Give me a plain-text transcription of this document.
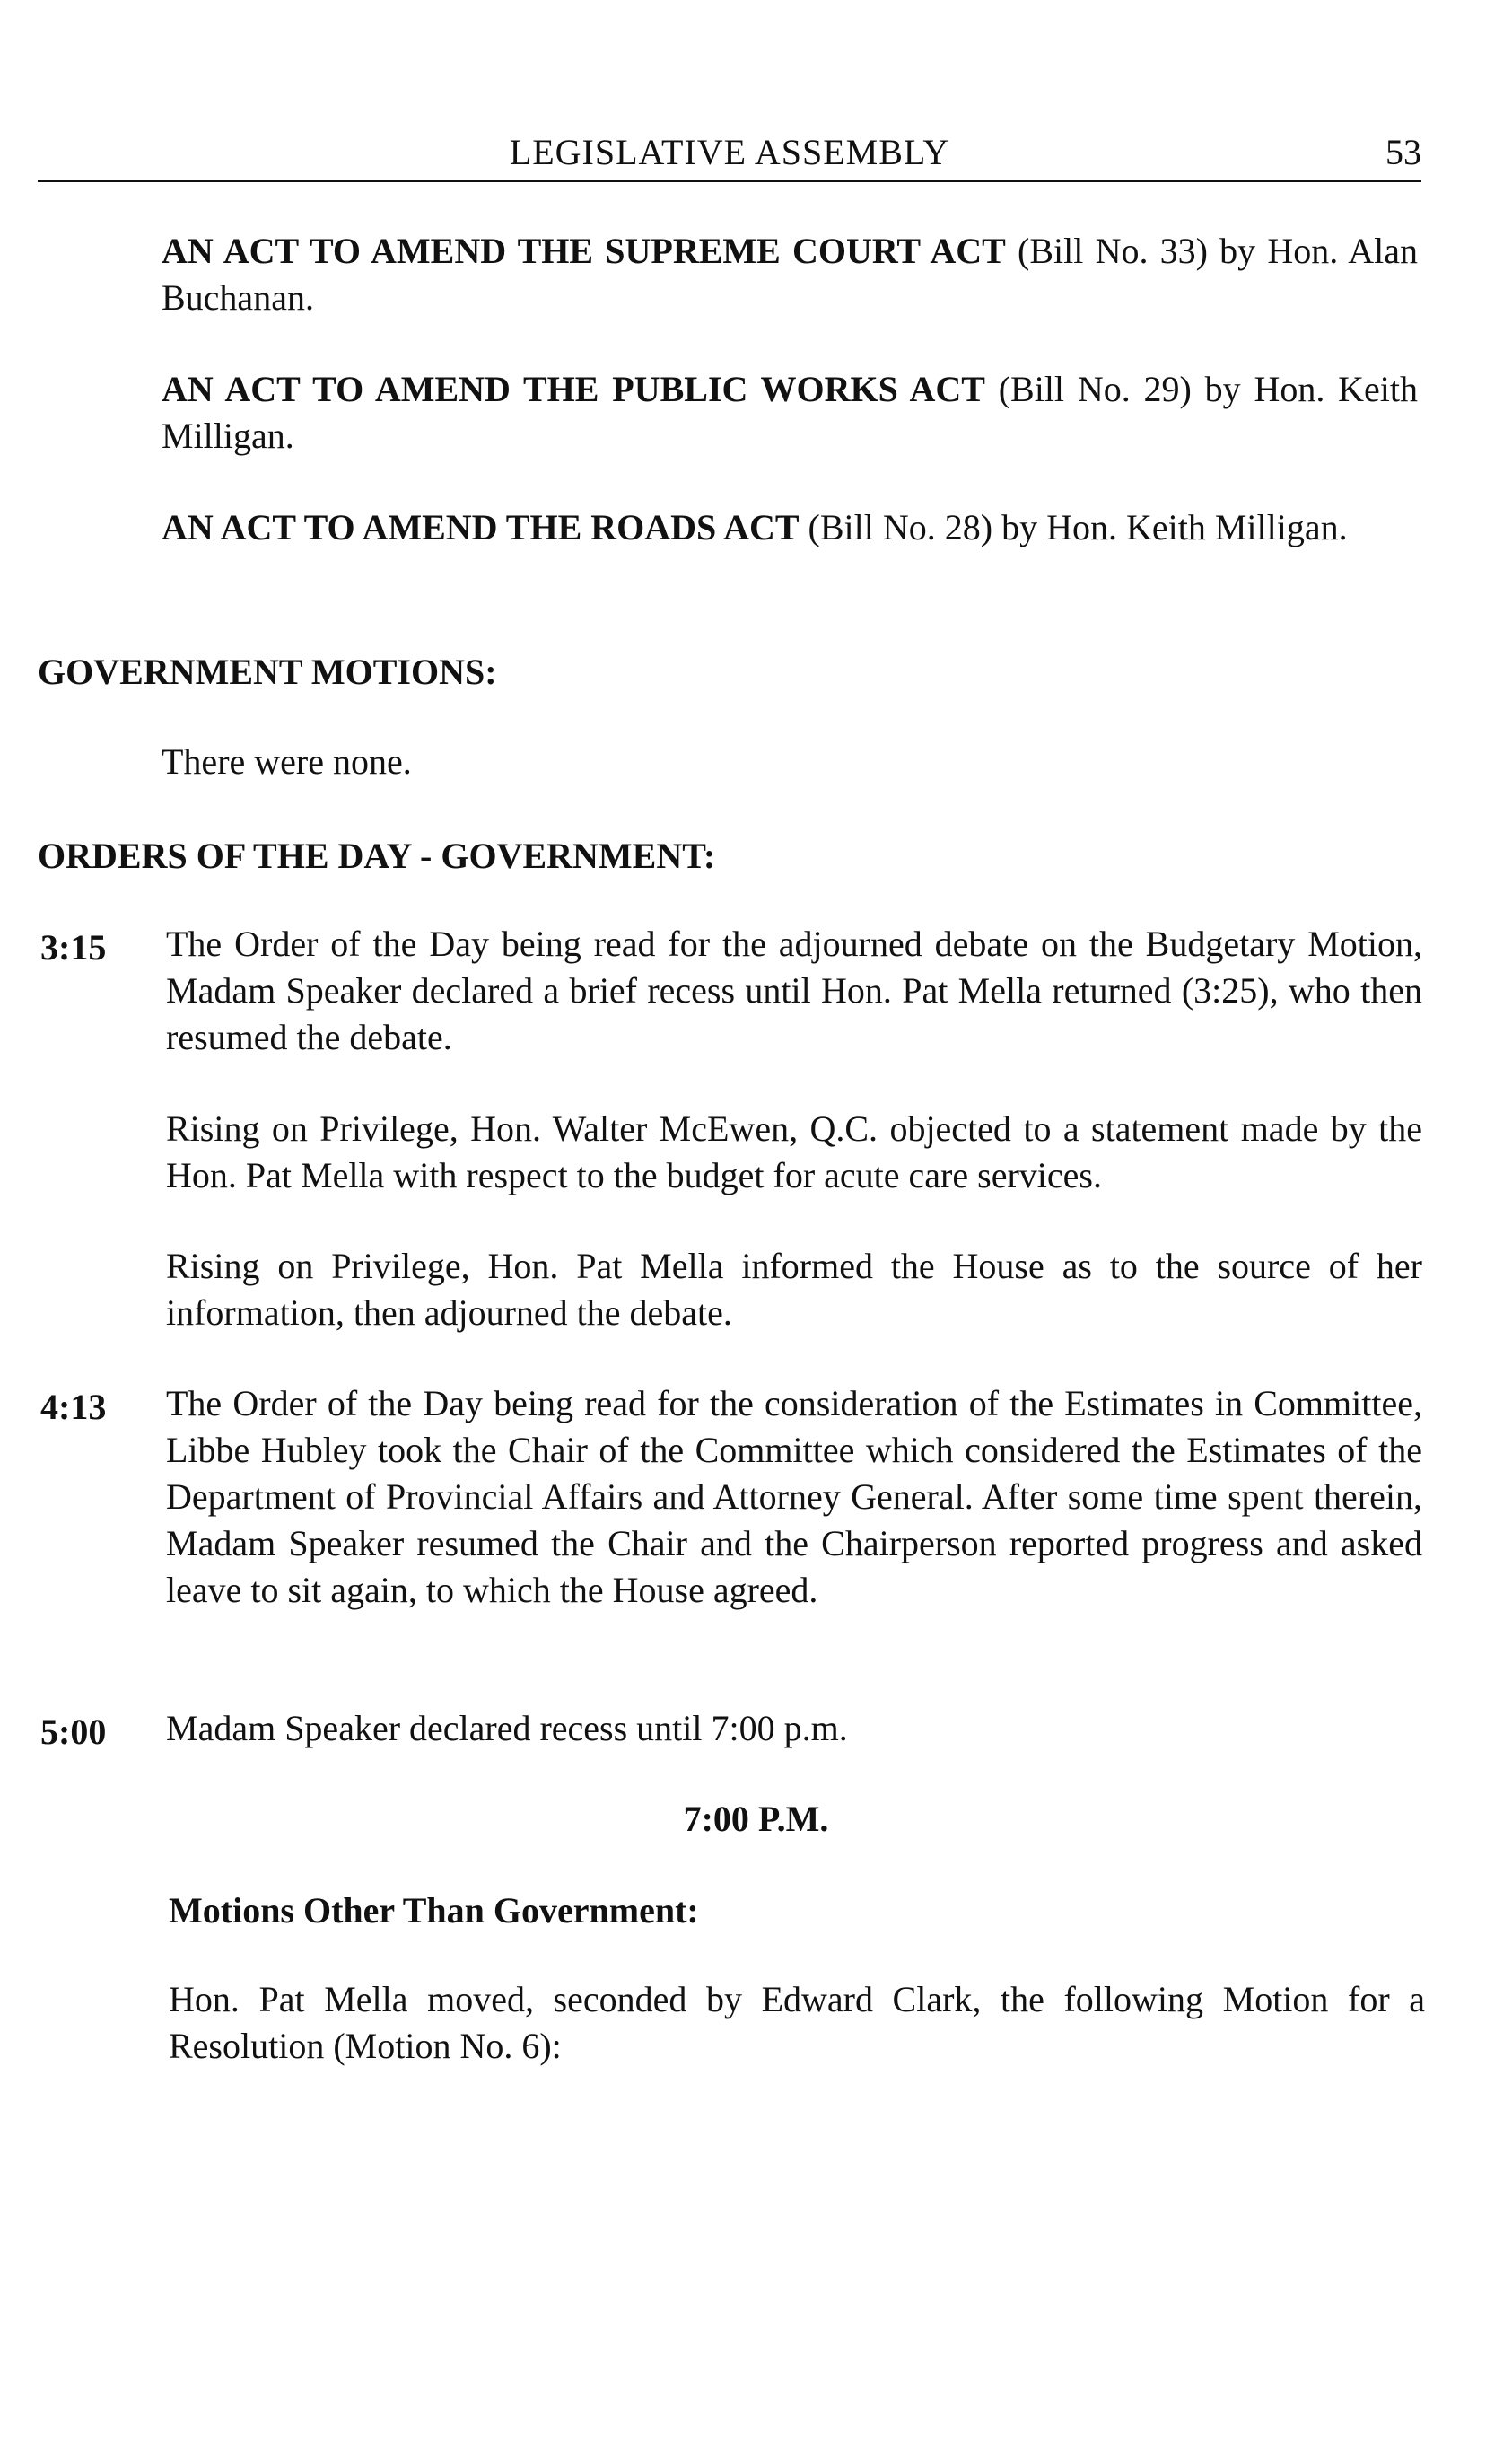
LEGISLATIVE ASSEMBLY	53

AN ACT TO AMEND THE SUPREME COURT ACT (Bill No. 33) by Hon. Alan Buchanan.

AN ACT TO AMEND THE PUBLIC WORKS ACT (Bill No. 29) by Hon. Keith Milligan.

AN ACT TO AMEND THE ROADS ACT (Bill No. 28) by Hon. Keith Milligan.

GOVERNMENT MOTIONS:

There were none.

ORDERS OF THE DAY - GOVERNMENT:

3:15 The Order of the Day being read for the adjourned debate on the Budgetary Motion, Madam Speaker declared a brief recess until Hon. Pat Mella returned (3:25), who then resumed the debate.

Rising on Privilege, Hon. Walter McEwen, Q.C. objected to a statement made by the Hon. Pat Mella with respect to the budget for acute care services.

Rising on Privilege, Hon. Pat Mella informed the House as to the source of her information, then adjourned the debate.

4:13 The Order of the Day being read for the consideration of the Estimates in Committee, Libbe Hubley took the Chair of the Committee which considered the Estimates of the Department of Provincial Affairs and Attorney General. After some time spent therein, Madam Speaker resumed the Chair and the Chairperson reported progress and asked leave to sit again, to which the House agreed.

5:00 Madam Speaker declared recess until 7:00 p.m.

7:00 P.M.

Motions Other Than Government:

Hon. Pat Mella moved, seconded by Edward Clark, the following Motion for a Resolution (Motion No. 6):
